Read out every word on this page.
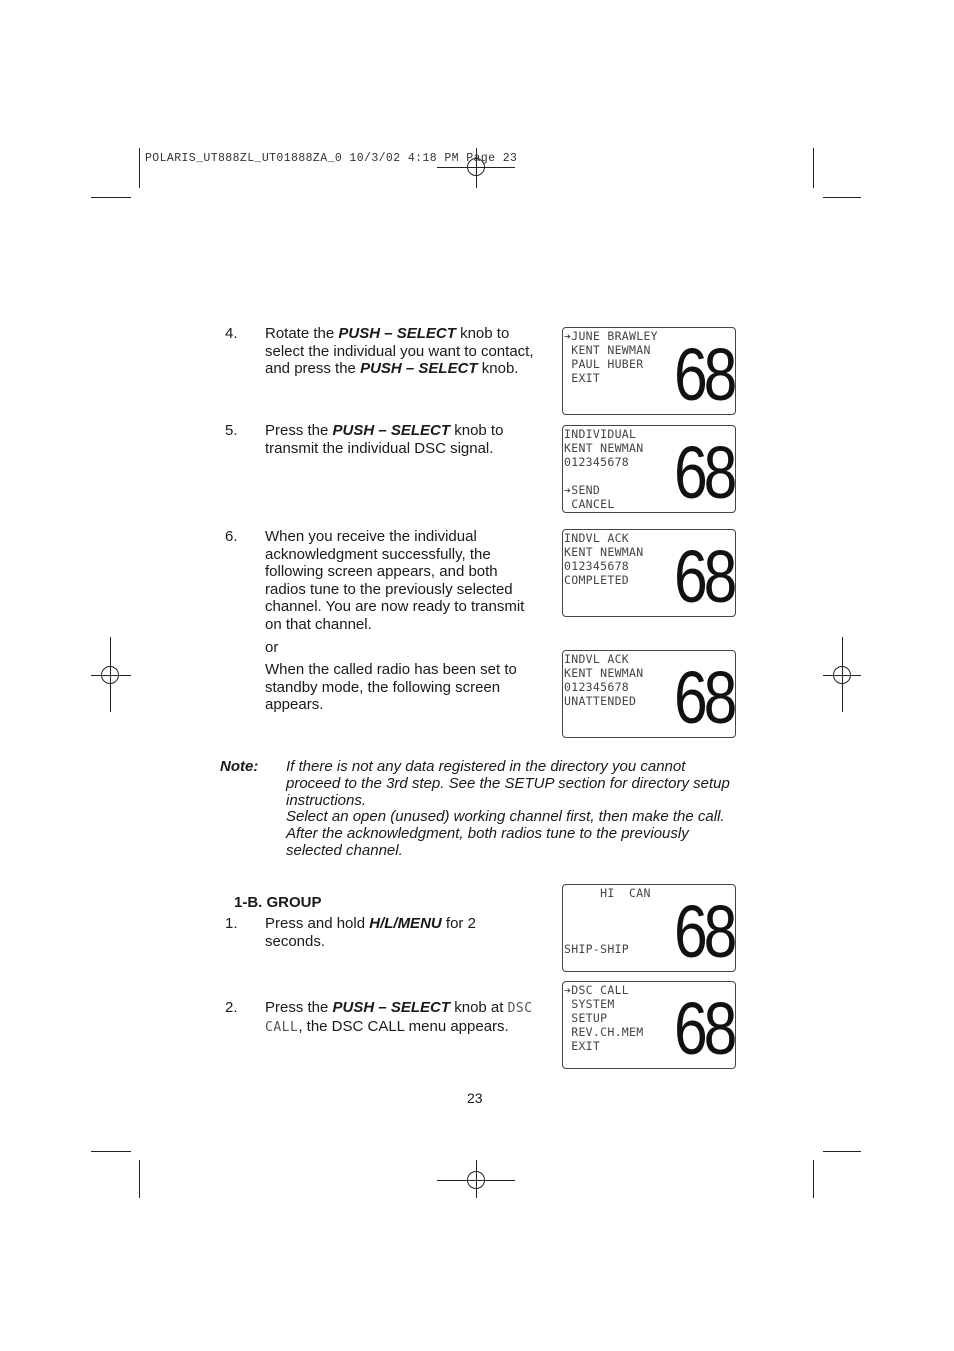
POLARIS_UT888ZL_UT01888ZA_0 10/3/02 4:18 PM Page 23
4. Rotate the PUSH – SELECT knob to select the individual you want to contact, and press the PUSH – SELECT knob.
5. Press the PUSH – SELECT knob to transmit the individual DSC signal.
6. When you receive the individual acknowledgment successfully, the following screen appears, and both radios tune to the previously selected channel. You are now ready to transmit on that channel.
or
When the called radio has been set to standby mode, the following screen appears.
➔JUNE BRAWLEY
KENT NEWMAN
PAUL HUBER
EXIT 68
INDIVIDUAL
KENT NEWMAN
012345678

➔SEND
CANCEL 68
INDVL ACK
KENT NEWMAN
012345678
COMPLETED 68
INDVL ACK
KENT NEWMAN
012345678
UNATTENDED 68
HI  CAN

SHIP-SHIP 68
➔DSC CALL
SYSTEM
SETUP
REV.CH.MEM
EXIT 68
Note: If there is not any data registered in the directory you cannot proceed to the 3rd step. See the SETUP section for directory setup instructions.
Select an open (unused) working channel first, then make the call. After the acknowledgment, both radios tune to the previously selected channel.
1-B. GROUP
1. Press and hold H/L/MENU for 2 seconds.
2. Press the PUSH – SELECT knob at DSC CALL, the DSC CALL menu appears.
23
